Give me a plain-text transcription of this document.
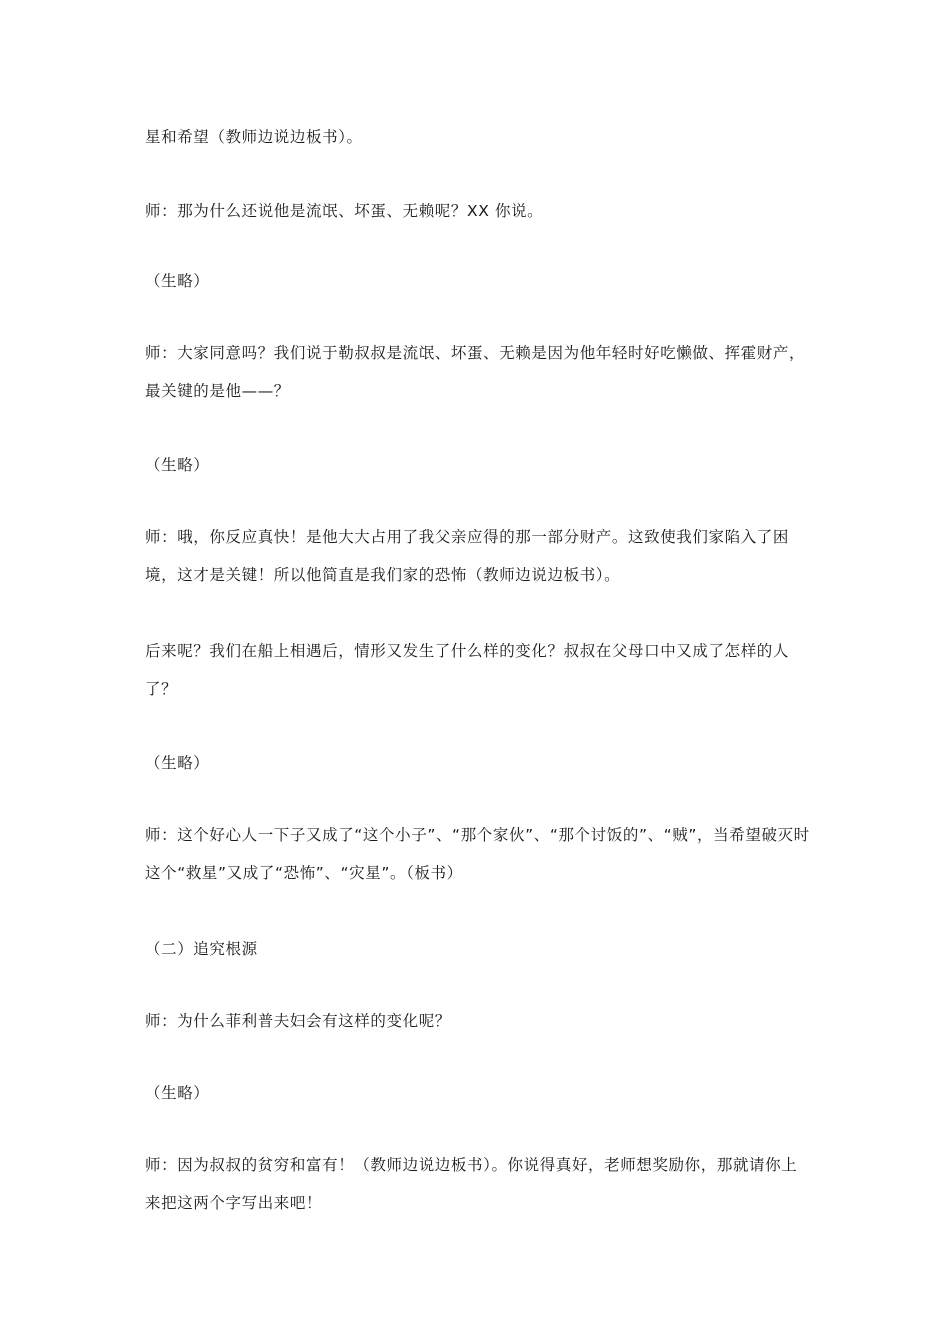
星和希望（教师边说边板书）。

师：那为什么还说他是流氓、坏蛋、无赖呢？XX 你说。

（生略）

师：大家同意吗？我们说于勒叔叔是流氓、坏蛋、无赖是因为他年轻时好吃懒做、挥霍财产，最关键的是他——？

（生略）

师：哦，你反应真快！是他大大占用了我父亲应得的那一部分财产。这致使我们家陷入了困境，这才是关键！所以他简直是我们家的恐怖（教师边说边板书）。

后来呢？我们在船上相遇后，情形又发生了什么样的变化？叔叔在父母口中又成了怎样的人了？

（生略）

师：这个好心人一下子又成了“这个小子”、“那个家伙”、“那个讨饭的”、“贼”，当希望破灭时这个“救星”又成了“恐怖”、“灾星”。（板书）

（二）追究根源

师：为什么菲利普夫妇会有这样的变化呢？

（生略）

师：因为叔叔的贫穷和富有！（教师边说边板书）。你说得真好，老师想奖励你，那就请你上来把这两个字写出来吧！
